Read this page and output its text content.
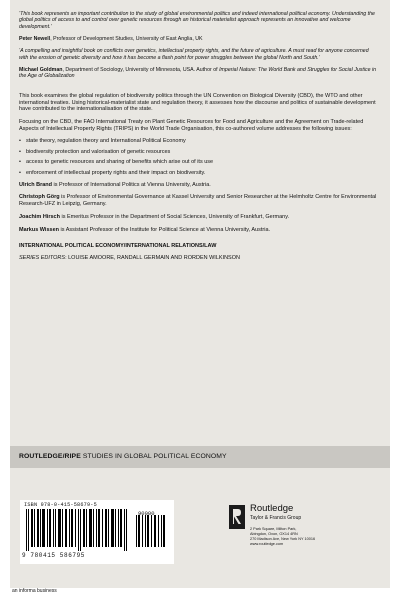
‘This book represents an important contribution to the study of global environmental politics and indeed international political economy. Understanding the global politics of access to and control over genetic resources through an historical materialist approach represents an innovative and welcome development.’

Peter Newell, Professor of Development Studies, University of East Anglia, UK

‘A compelling and insightful book on conflicts over genetics, intellectual property rights, and the future of agriculture. A must read for anyone concerned with the erosion of genetic diversity and how it has become a flash point for power struggles between the global North and South.’

Michael Goldman, Department of Sociology, University of Minnesota, USA. Author of Imperial Nature: The World Bank and Struggles for Social Justice in the Age of Globalization

This book examines the global regulation of biodiversity politics through the UN Convention on Biological Diversity (CBD), the WTO and other international treaties. Using historical-materialist state and regulation theory, it assesses how the discourse and politics of sustainable development have contributed to the internationalisation of the state.

Focusing on the CBD, the FAO International Treaty on Plant Genetic Resources for Food and Agriculture and the Agreement on Trade-related Aspects of Intellectual Property Rights (TRIPS) in the World Trade Organisation, this co-authored volume addresses the following issues:

• state theory, regulation theory and International Political Economy
• biodiversity protection and valorisation of genetic resources
• access to genetic resources and sharing of benefits which arise out of its use
• enforcement of intellectual property rights and their impact on biodiversity.
Ulrich Brand is Professor of International Politics at Vienna University, Austria.
Christoph Görg is Professor of Environmental Governance at Kassel University and Senior Researcher at the Helmholtz Centre for Environmental Research-UFZ in Leipzig, Germany.
Joachim Hirsch is Emeritus Professor in the Department of Social Sciences, University of Frankfurt, Germany.
Markus Wissen is Assistant Professor of the Institute for Political Science at Vienna University, Austria.
INTERNATIONAL POLITICAL ECONOMY/INTERNATIONAL RELATIONS/LAW
SERIES EDITORS: LOUISE AMOORE, RANDALL GERMAIN AND RORDEN WILKINSON
ROUTLEDGE/RIPE STUDIES IN GLOBAL POLITICAL ECONOMY
ISBN 978-0-415-58679-5
90000
9 780415 586795
Routledge
Taylor & Francis Group
2 Park Square, Milton Park,
Abingdon, Oxon, OX14 4RN
270 Madison Ave, New York NY 10016
www.routledge.com
an informa business
